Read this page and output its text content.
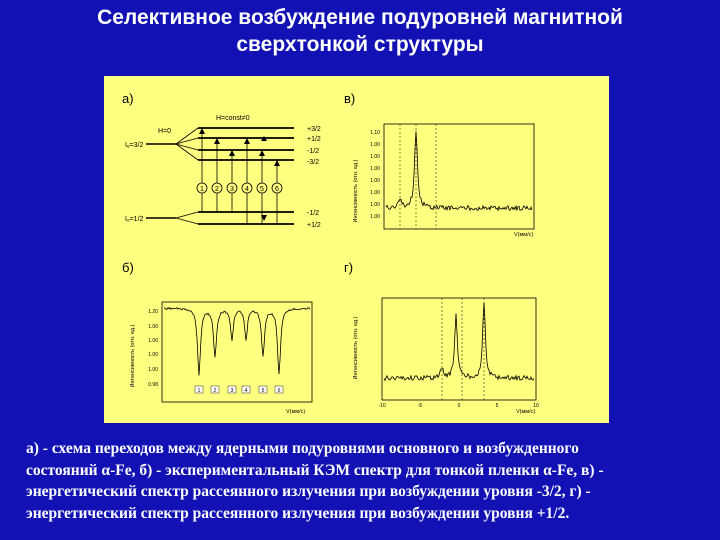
Селективное возбуждение подуровней магнитной
сверхтонкой структуры
а)
H=0
H=const≠0
Iₑ=3/2
Iₒ=1/2
+3/2
+1/2
-1/2
-3/2
-1/2
+1/2
1 2 3 4 5 6
в)
Интенсивность (отн. ед.)
1.10
1.00
1.00
1.00
1.00
1.00
1.00
1.00
V(мм/с)
б)
Интенсивность (отн. ед.)
1.20
1.00
1.00
1.00
1.00
0.98
1	2	3 4	5	6
V(мм/с)
г)
Интенсивность (отн. ед.)
-10	-5	0	5	10
V(мм/с)
а) - схема переходов между ядерными подуровнями основного и возбужденного
состояний α-Fe, б) - экспериментальный КЭМ спектр для тонкой пленки α-Fe, в) -
энергетический спектр рассеянного излучения при возбуждении уровня -3/2, г) -
энергетический спектр рассеянного излучения при возбуждении уровня +1/2.
